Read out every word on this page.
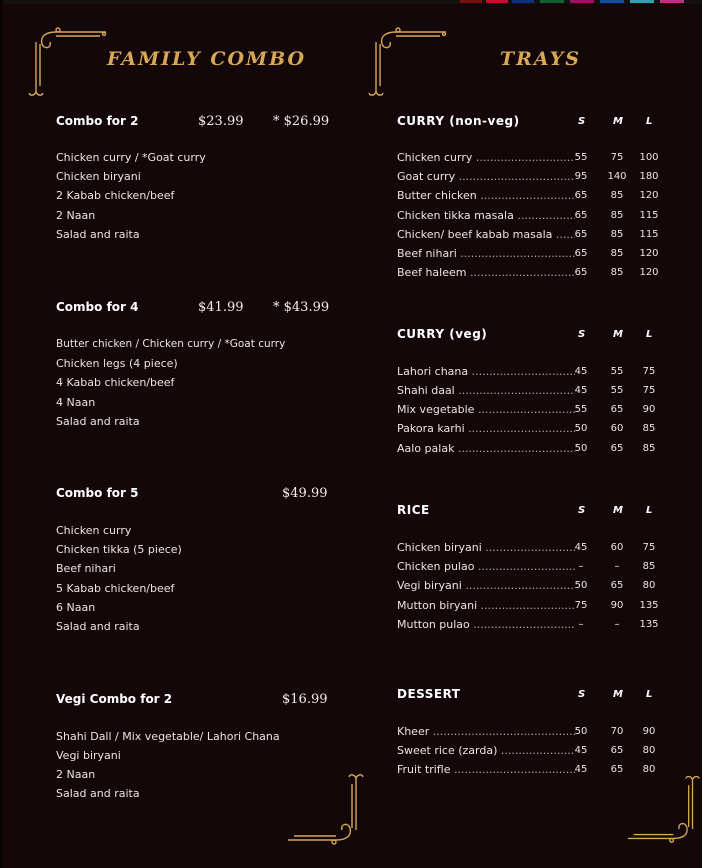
FAMILY COMBO	TRAYS
Combo for 2	$23.99 * $26.99
Chicken curry / *Goat curry
Chicken biryani
2 Kabab chicken/beef
2 Naan
Salad and raita
Combo for 4	$41.99 * $43.99
Butter chicken / Chicken curry / *Goat curry
Chicken legs (4 piece)
4 Kabab chicken/beef
4 Naan
Salad and raita
Combo for 5	$49.99
Chicken curry
Chicken tikka (5 piece)
Beef nihari
5 Kabab chicken/beef
6 Naan
Salad and raita
Vegi Combo for 2	$16.99
Shahi Dall / Mix vegetable/ Lahori Chana
Vegi biryani
2 Naan
Salad and raita
CURRY (non-veg)	S	M L
Chicken curry .....	55	75	100
Goat curry .....	95	140 180
Butter chicken .....	65	85	120
Chicken tikka masala .....	65	85	115
Chicken/ beef kabab masala .....	65	85	115
Beef nihari .....	65	85	120
Beef haleem .....	65	85	120
CURRY (veg)	S	M L
Lahori chana .....	45	55	75
Shahi daal .....	45	55	75
Mix vegetable .....	55	65	90
Pakora karhi .....	50	60	85
Aalo palak .....	50	65	85
RICE	S	M L
Chicken biryani .....	45	60	75
Chicken pulao .....	–	–	85
Vegi biryani .....	50	65	80
Mutton biryani .....	75	90	135
Mutton pulao .....	–	–	135
DESSERT	S	M L
Kheer .....	50	70	90
Sweet rice (zarda) .....	45	65	80
Fruit trifle .....	45	65	80
